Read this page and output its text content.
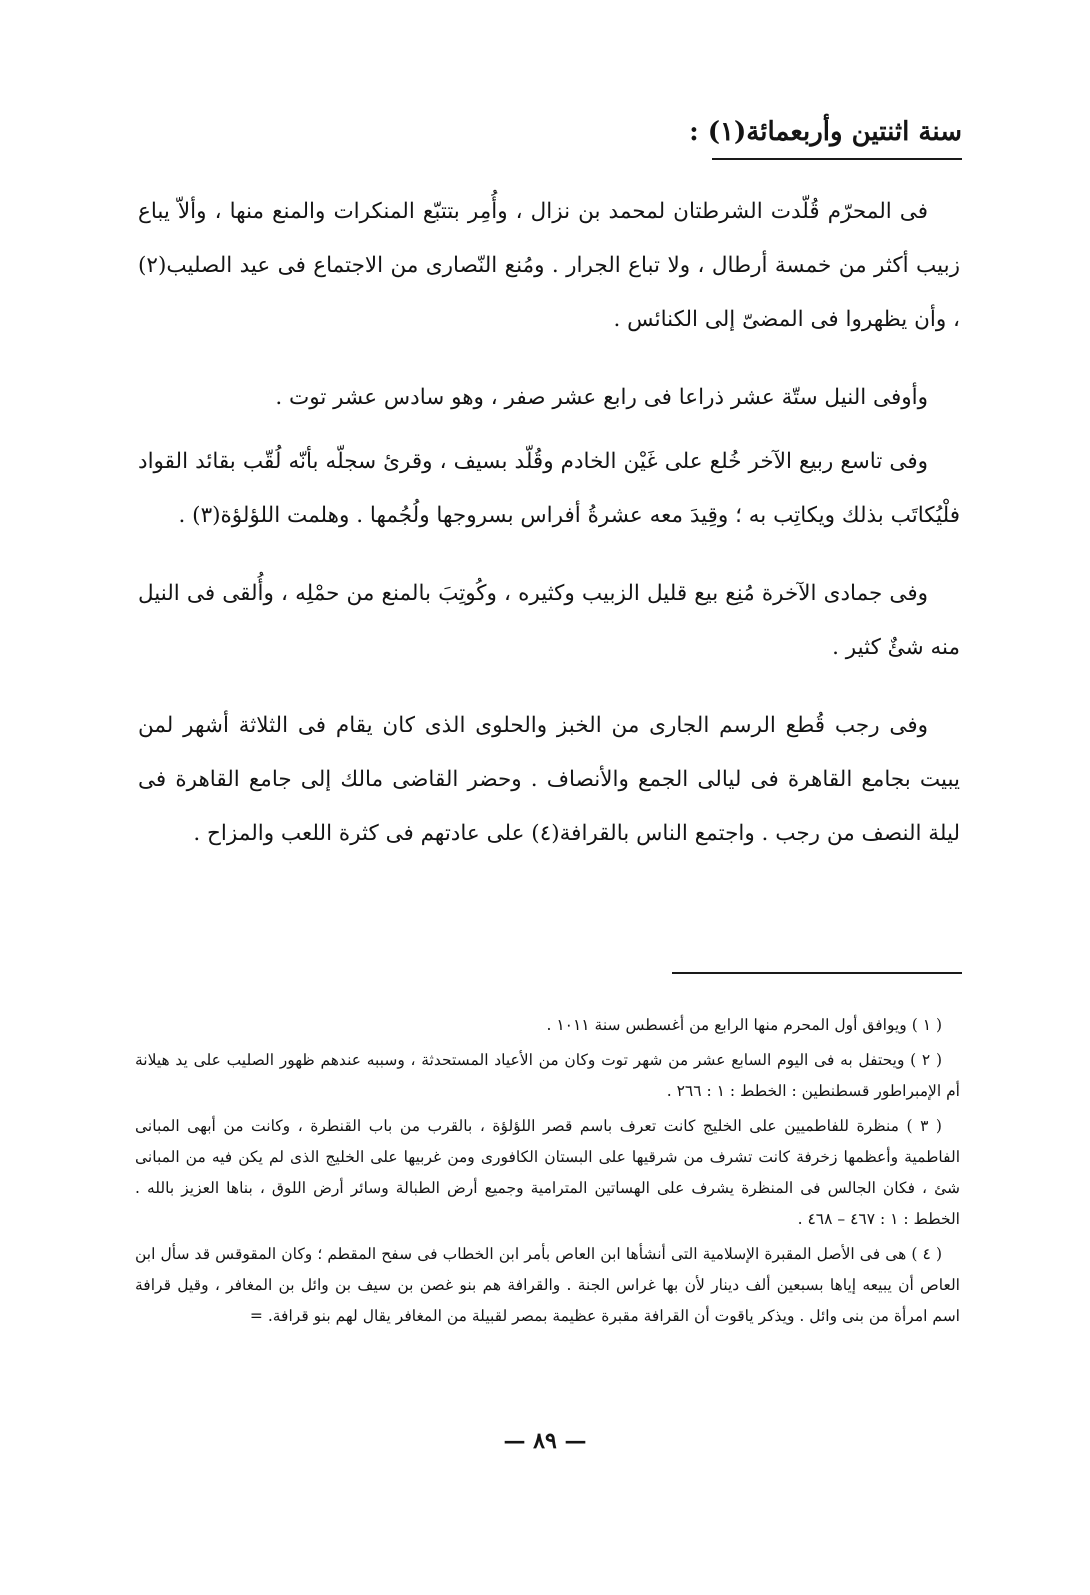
سنة اثنتين وأربعمائة(١) :

فى المحرّم قُلّدت الشرطتان لمحمد بن نزال ، وأُمِر بتتبّع المنكرات والمنع منها ، وألاّ يباع زبيب أكثر من خمسة أرطال ، ولا تباع الجرار . ومُنع النّصارى من الاجتماع فى عيد الصليب(٢) ، وأن يظهروا فى المضىّ إلى الكنائس .

وأوفى النيل ستّة عشر ذراعا فى رابع عشر صفر ، وهو سادس عشر توت .

وفى تاسع ربيع الآخر خُلع على غَيْن الخادم وقُلّد بسيف ، وقرئ سجلّه بأنّه لُقّب بقائد القواد فلْيُكاتَب بذلك ويكاتِب به ؛ وقِيدَ معه عشرةُ أفراس بسروجها ولُجُمها . وهلمت اللؤلؤة(٣) .

وفى جمادى الآخرة مُنِع بيع قليل الزبيب وكثيره ، وكُوتِبَ بالمنع من حمْلِه ، وأُلقى فى النيل منه شئٌ كثير .

وفى رجب قُطع الرسم الجارى من الخبز والحلوى الذى كان يقام فى الثلاثة أشهر لمن يبيت بجامع القاهرة فى ليالى الجمع والأنصاف . وحضر القاضى مالك إلى جامع القاهرة فى ليلة النصف من رجب . واجتمع الناس بالقرافة(٤) على عادتهم فى كثرة اللعب والمزاح .

( ١ ) ويوافق أول المحرم منها الرابع من أغسطس سنة ١٠١١ .

( ٢ ) ويحتفل به فى اليوم السابع عشر من شهر توت وكان من الأعياد المستحدثة ، وسببه عندهم ظهور الصليب على يد هيلانة أم الإمبراطور قسطنطين : الخطط : ١ : ٢٦٦ .

( ٣ ) منظرة للفاطميين على الخليج كانت تعرف باسم قصر اللؤلؤة ، بالقرب من باب القنطرة ، وكانت من أبهى المبانى الفاطمية وأعظمها زخرفة كانت تشرف من شرقيها على البستان الكافورى ومن غربيها على الخليج الذى لم يكن فيه من المبانى شئ ، فكان الجالس فى المنظرة يشرف على الهساتين المترامية وجميع أرض الطبالة وسائر أرض اللوق ، بناها العزيز بالله . الخطط : ١ : ٤٦٧ – ٤٦٨ .

( ٤ ) هى فى الأصل المقبرة الإسلامية التى أنشأها ابن العاص بأمر ابن الخطاب فى سفح المقطم ؛ وكان المقوقس قد سأل ابن العاص أن يبيعه إياها بسبعين ألف دينار لأن بها غراس الجنة . والقرافة هم بنو غصن بن سيف بن وائل بن المغافر ، وقيل قرافة اسم امرأة من بنى وائل . ويذكر ياقوت أن القرافة مقبرة عظيمة بمصر لقبيلة من المغافر يقال لهم بنو قرافة. =

— ٨٩ —
